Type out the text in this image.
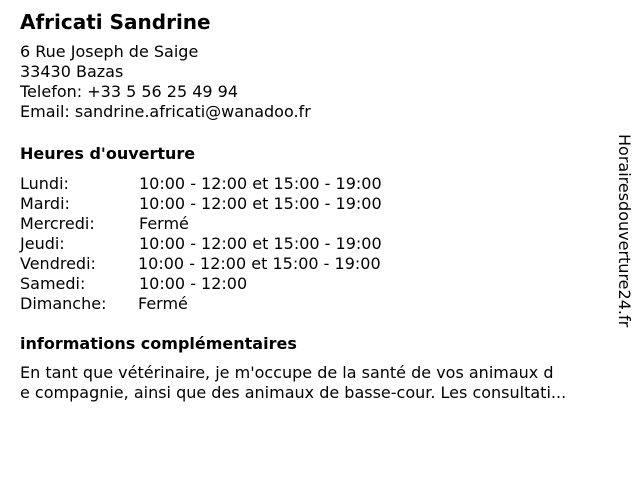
Africati Sandrine
6 Rue Joseph de Saige
33430 Bazas
Telefon: +33 5 56 25 49 94
Email: sandrine.africati@wanadoo.fr
Heures d'ouverture
Lundi:	10:00 - 12:00 et 15:00 - 19:00
Mardi:	10:00 - 12:00 et 15:00 - 19:00
Mercredi:	Fermé
Jeudi:	10:00 - 12:00 et 15:00 - 19:00
Vendredi:	10:00 - 12:00 et 15:00 - 19:00
Samedi:	10:00 - 12:00
Dimanche: Fermé
informations complémentaires
En tant que vétérinaire, je m'occupe de la santé de vos animaux d
e compagnie, ainsi que des animaux de basse-cour. Les consultati...
Horairesdouverture24.fr
